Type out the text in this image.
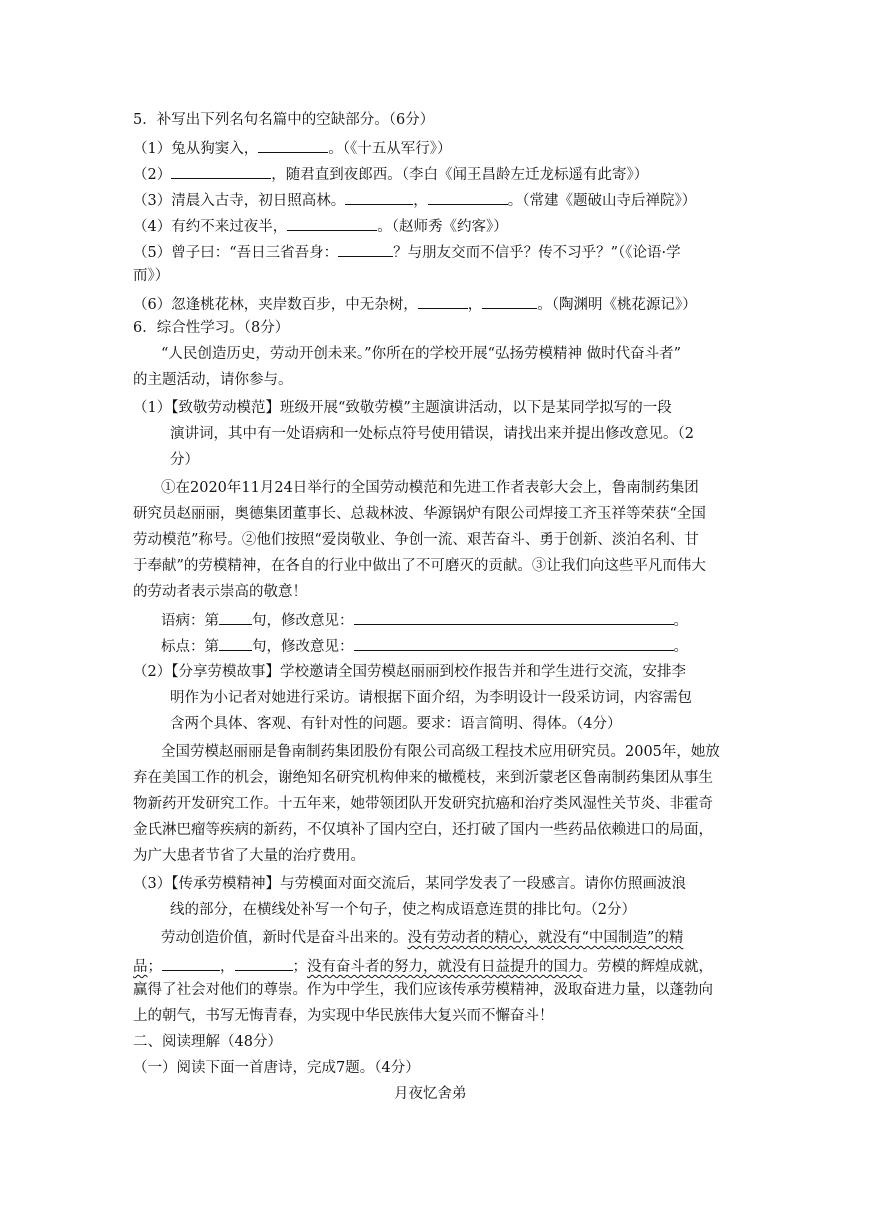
5．补写出下列名句名篇中的空缺部分。（6分）
（1）兔从狗窦入，	。（《十五从军行》）
（2）	，随君直到夜郎西。（李白《闻王昌龄左迁龙标遥有此寄》）
（3）清晨入古寺，初日照高林。	，	。（常建《题破山寺后禅院》）
（4）有约不来过夜半，	。（赵师秀《约客》）
（5）曾子曰：“吾日三省吾身：	？与朋友交而不信乎？传不习乎？”（《论语·学
而》）
（6）忽逢桃花林，夹岸数百步，中无杂树，	，	。（陶渊明《桃花源记》）
6．综合性学习。（8分）
“人民创造历史，劳动开创未来。”你所在的学校开展“弘扬劳模精神 做时代奋斗者”
的主题活动，请你参与。
（1）【致敬劳动模范】班级开展“致敬劳模”主题演讲活动，以下是某同学拟写的一段
演讲词，其中有一处语病和一处标点符号使用错误，请找出来并提出修改意见。（2
分）
①在2020年11月24日举行的全国劳动模范和先进工作者表彰大会上，鲁南制药集团
研究员赵丽丽，奥德集团董事长、总裁林波、华源锅炉有限公司焊接工齐玉祥等荣获“全国
劳动模范”称号。②他们按照“爱岗敬业、争创一流、艰苦奋斗、勇于创新、淡泊名利、甘
于奉献”的劳模精神，在各自的行业中做出了不可磨灭的贡献。③让我们向这些平凡而伟大
的劳动者表示崇高的敬意！
语病：第 句，修改意见：	。
标点：第 句，修改意见：	。
（2）【分享劳模故事】学校邀请全国劳模赵丽丽到校作报告并和学生进行交流，安排李
明作为小记者对她进行采访。请根据下面介绍，为李明设计一段采访词，内容需包
含两个具体、客观、有针对性的问题。要求：语言简明、得体。（4分）
全国劳模赵丽丽是鲁南制药集团股份有限公司高级工程技术应用研究员。2005年，她放
弃在美国工作的机会，谢绝知名研究机构伸来的橄榄枝，来到沂蒙老区鲁南制药集团从事生
物新药开发研究工作。十五年来，她带领团队开发研究抗癌和治疗类风湿性关节炎、非霍奇
金氏淋巴瘤等疾病的新药，不仅填补了国内空白，还打破了国内一些药品依赖进口的局面，
为广大患者节省了大量的治疗费用。
（3）【传承劳模精神】与劳模面对面交流后，某同学发表了一段感言。请你仿照画波浪
线的部分，在横线处补写一个句子，使之构成语意连贯的排比句。（2分）
劳动创造价值，新时代是奋斗出来的。没有劳动者的精心，就没有“中国制造”的精
品；	，	；没有奋斗者的努力，就没有日益提升的国力。劳模的辉煌成就，
赢得了社会对他们的尊崇。作为中学生，我们应该传承劳模精神，汲取奋进力量，以蓬勃向
上的朝气，书写无悔青春，为实现中华民族伟大复兴而不懈奋斗！
二、阅读理解（48分）
（一）阅读下面一首唐诗，完成7题。（4分）
月夜忆舍弟
